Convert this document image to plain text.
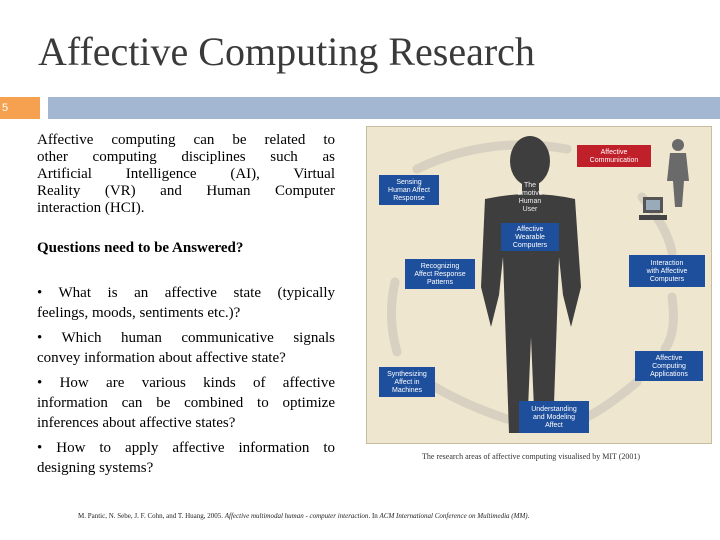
Affective Computing Research
5
Affective computing can be related to
other computing disciplines such as
Artificial Intelligence (AI), Virtual
Reality (VR) and Human Computer
interaction (HCI).
Questions need to be Answered?
• What is an affective state (typically
feelings, moods, sentiments etc.)?
• Which human communicative signals
convey information about affective state?
• How are various kinds of affective
information can be combined to optimize
inferences about affective states?
• How to apply affective information to
designing systems?
Sensing
Human Affect
Response
The
Emotive
Human
User
Affective
Wearable
Computers
Affective
Communication
Recognizing
Affect Response
Patterns
Interaction
with Affective
Computers
Synthesizing
Affect in
Machines
Affective
Computing
Applications
Understanding
and Modeling
Affect
The research areas of affective computing visualised by MIT (2001)
M. Pantic, N. Sebe, J. F. Cohn, and T. Huang, 2005. Affective multimodal human - computer interaction. In ACM International Conference on Multimedia (MM).
